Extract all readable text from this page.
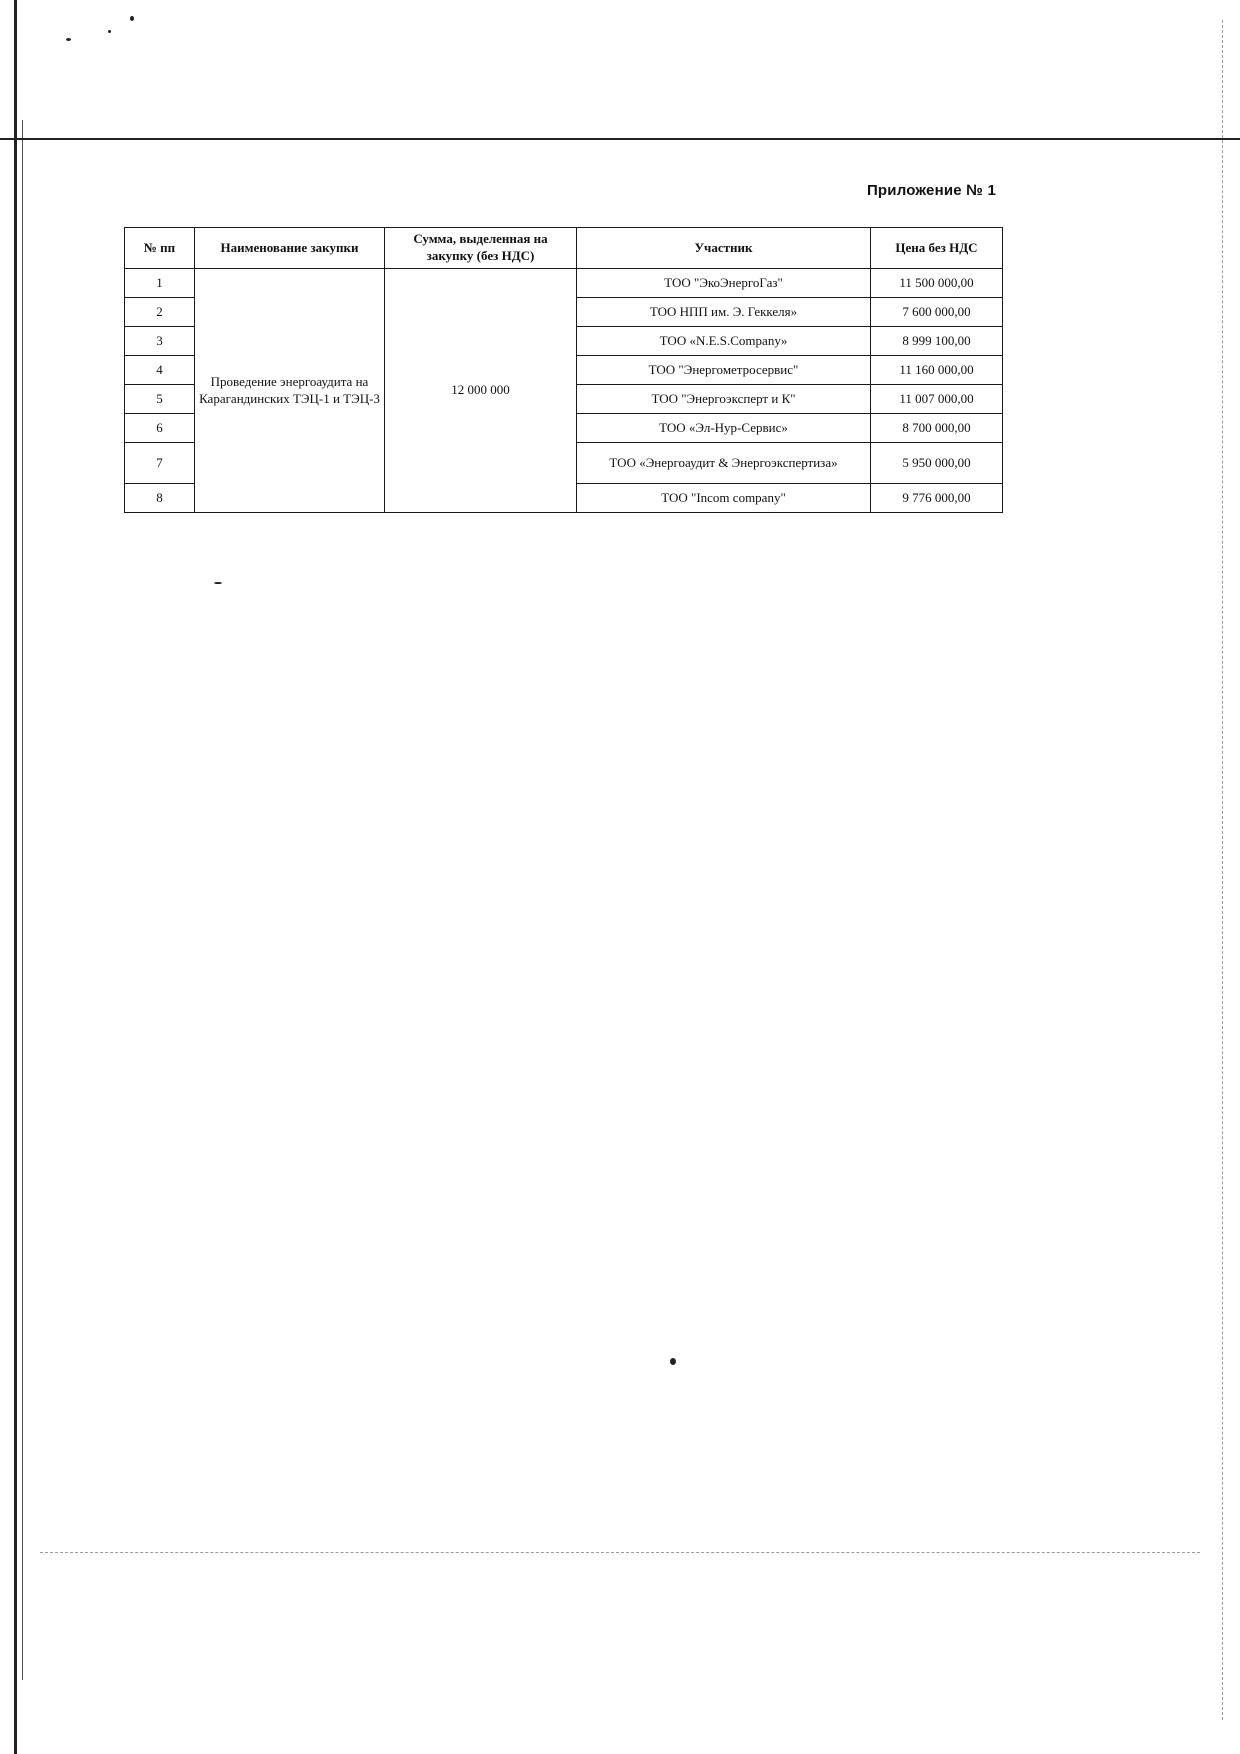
Приложение № 1
№ пп	Наименование закупки	Сумма, выделенная на закупку (без НДС)	Участник	Цена без НДС
1	Проведение энергоаудита на Карагандинских ТЭЦ-1 и ТЭЦ-3	12 000 000	ТОО "ЭкоЭнергоГаз"	11 500 000,00
2			ТОО НПП им. Э. Геккеля»	7 600 000,00
3			ТОО «N.E.S.Company»	8 999 100,00
4			ТОО "Энергометросервис"	11 160 000,00
5			ТОО "Энергоэксперт и К"	11 007 000,00
6			ТОО «Эл-Нур-Сервис»	8 700 000,00
7			ТОО «Энергоаудит & Энергоэкспертиза»	5 950 000,00
8			ТОО "Incom company"	9 776 000,00
